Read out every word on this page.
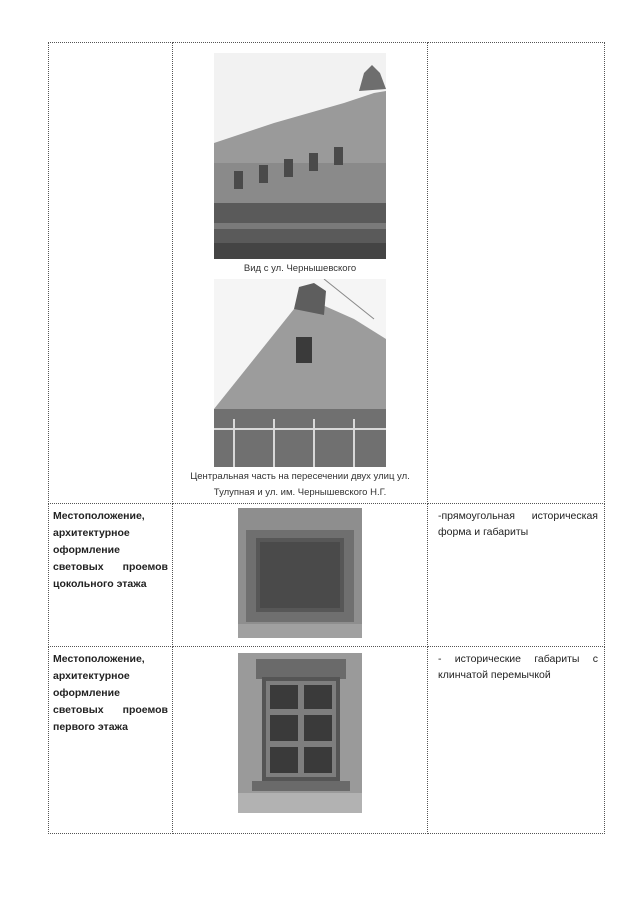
	Вид с ул. Чернышевского
Центральная часть на пересечении двух улиц ул. Тулупная и ул. им. Чернышевского Н.Г.	

Местоположение, архитектурное оформление световых проемов цокольного этажа		-прямоугольная историческая форма и габариты

Местоположение, архитектурное оформление световых проемов первого этажа		- исторические габариты с клинчатой перемычкой
